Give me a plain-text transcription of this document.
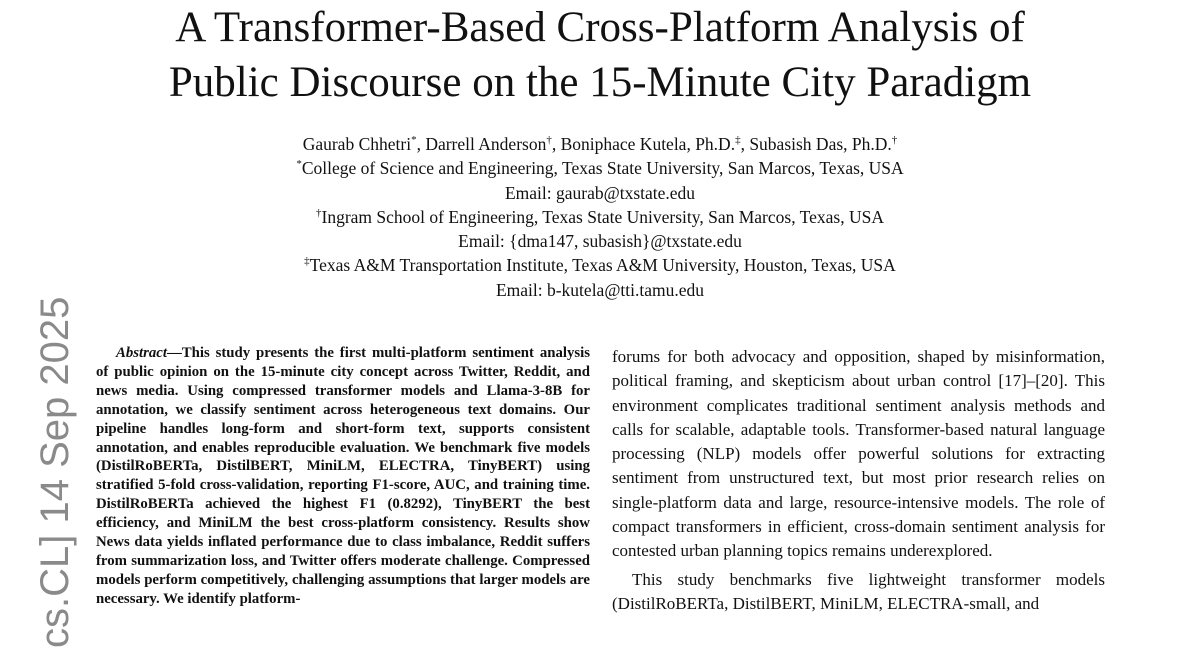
A Transformer-Based Cross-Platform Analysis of
Public Discourse on the 15-Minute City Paradigm
Gaurab Chhetri*, Darrell Anderson†, Boniphace Kutela, Ph.D.‡, Subasish Das, Ph.D.†
*College of Science and Engineering, Texas State University, San Marcos, Texas, USA
Email: gaurab@txstate.edu
†Ingram School of Engineering, Texas State University, San Marcos, Texas, USA
Email: {dma147, subasish}@txstate.edu
‡Texas A&M Transportation Institute, Texas A&M University, Houston, Texas, USA
Email: b-kutela@tti.tamu.edu
cs.CL] 14 Sep 2025	Abstract—This study presents the first multi-platform sentiment analysis of public opinion on the 15-minute city concept across Twitter, Reddit, and news media. Using compressed transformer models and Llama-3-8B for annotation, we classify sentiment across heterogeneous text domains. Our pipeline handles long-form and short-form text, supports consistent annotation, and enables reproducible evaluation. We benchmark five models (DistilRoBERTa, DistilBERT, MiniLM, ELECTRA, TinyBERT) using stratified 5-fold cross-validation, reporting F1-score, AUC, and training time. DistilRoBERTa achieved the highest F1 (0.8292), TinyBERT the best efficiency, and MiniLM the best cross-platform consistency. Results show News data yields inflated performance due to class imbalance, Reddit suffers from summarization loss, and Twitter offers moderate challenge. Compressed models perform competitively, challenging assumptions that larger models are necessary. We identify platform-

forums for both advocacy and opposition, shaped by misinformation, political framing, and skepticism about urban control [17]–[20]. This environment complicates traditional sentiment analysis methods and calls for scalable, adaptable tools. Transformer-based natural language processing (NLP) models offer powerful solutions for extracting sentiment from unstructured text, but most prior research relies on single-platform data and large, resource-intensive models. The role of compact transformers in efficient, cross-domain sentiment analysis for contested urban planning topics remains underexplored.

This study benchmarks five lightweight transformer models (DistilRoBERTa, DistilBERT, MiniLM, ELECTRA-small, and
